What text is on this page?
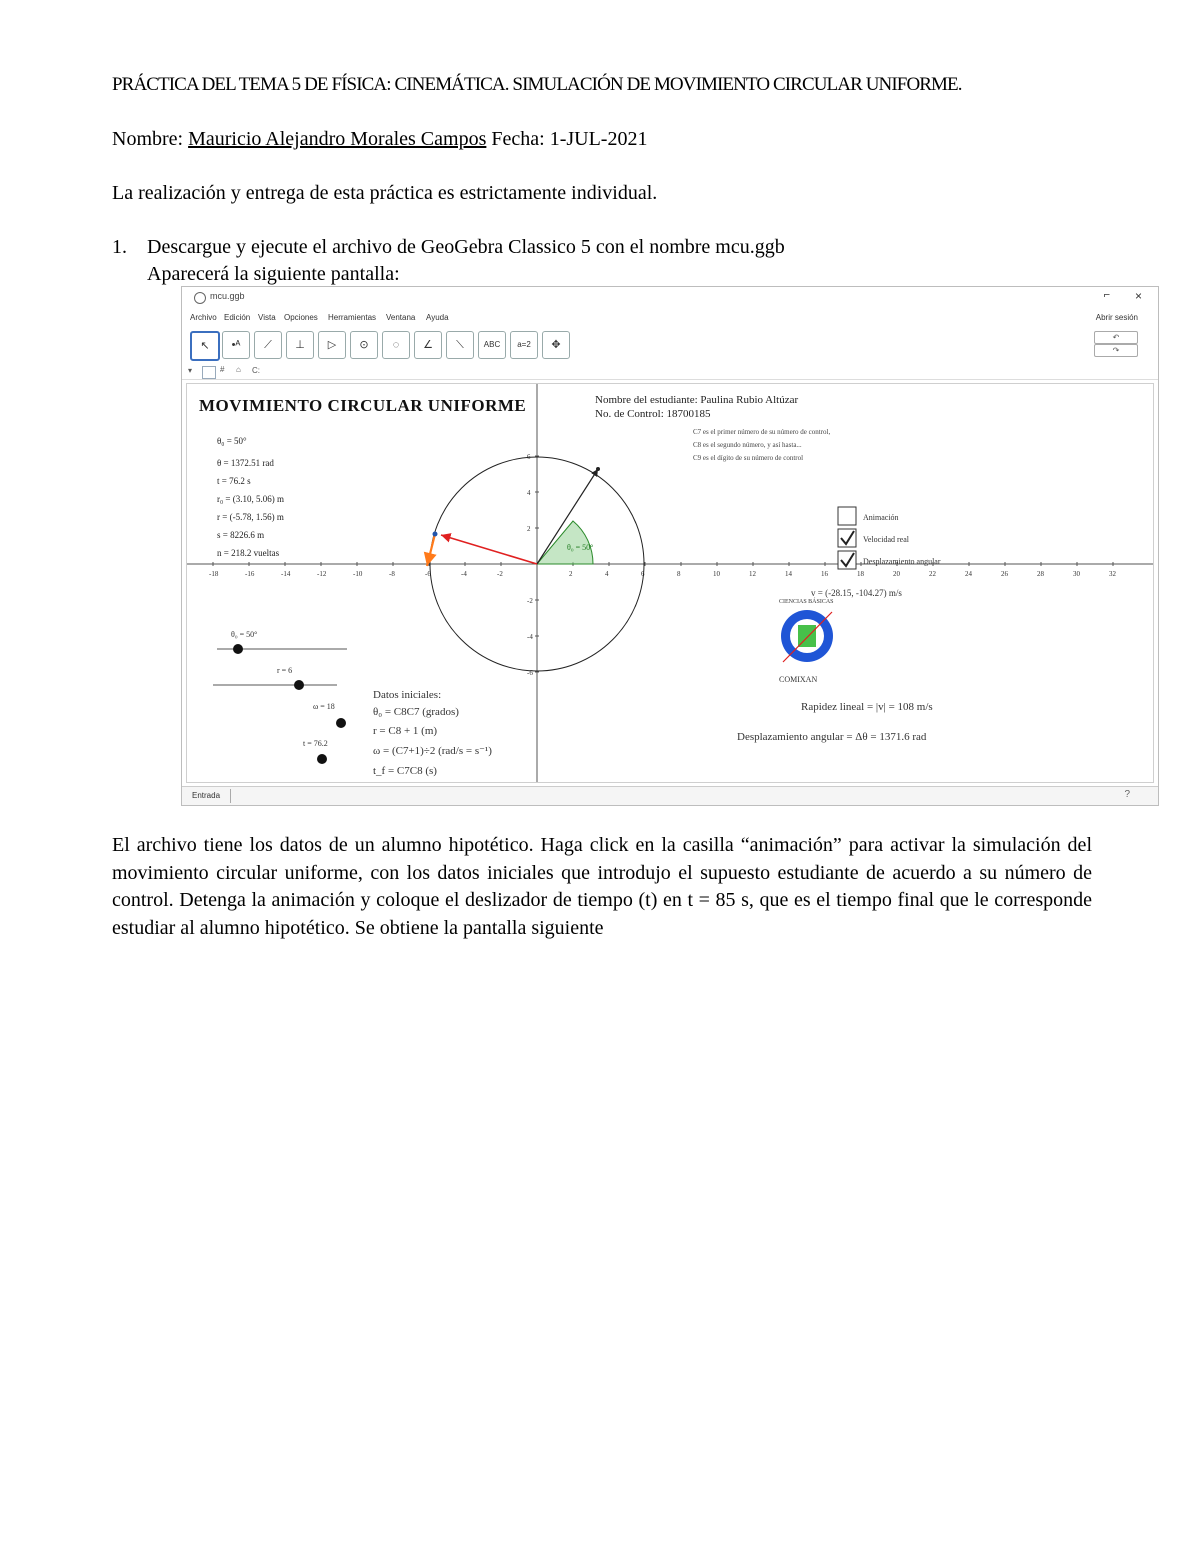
PRÁCTICA DEL TEMA 5 DE FÍSICA: CINEMÁTICA. SIMULACIÓN DE MOVIMIENTO CIRCULAR UNIFORME.
Nombre: Mauricio Alejandro Morales Campos Fecha: 1-JUL-2021
La realización y entrega de esta práctica es estrictamente individual.
1. Descargue y ejecute el archivo de GeoGebra Classico 5 con el nombre mcu.ggb
Aparecerá la siguiente pantalla:
mcu.ggb	⌐ ×
Archivo Edición Vista Opciones Herramientas Ventana Ayuda	Abrir sesión
↖	•ᴬ	⟋	⊥	▷	⊙	◌	∠	⟍	ABC	a=2	✥
↶
↷
▾	# ⌂ C:
-18	-16	-14	-12	-10	-8	-6	-4	-2	2	4	6	8	10	12	14	16	18	20	22	24	26	28	30	32
6
4
2
-2
-4
-6
θ₀ = 50°
MOVIMIENTO CIRCULAR UNIFORME	Nombre del estudiante: Paulina Rubio Altúzar
No. de Control: 18700185
C7 es el primer número de su número de control,
C8 es el segundo número, y así hasta...
C9 es el dígito de su número de control
θ₀ = 50°
θ = 1372.51 rad
t = 76.2 s
r₀ = (3.10, 5.06) m
r = (-5.78, 1.56) m
s = 8226.6 m
n = 218.2 vueltas
Animación
Velocidad real
Desplazamiento angular
v = (-28.15, -104.27) m/s
CIENCIAS BÁSICAS
COMIXAN
Datos iniciales:
θ₀ = C8C7 (grados)
r = C8 + 1 (m)
ω = (C7+1)÷2 (rad/s = s⁻¹)
t_f = C7C8 (s)
Rapidez lineal = |v| = 108 m/s
Desplazamiento angular = Δθ = 1371.6 rad
θ₀ = 50°
r = 6
ω = 18
t = 76.2
Entrada	?
El archivo tiene los datos de un alumno hipotético. Haga click en la casilla “animación” para activar la simulación del movimiento circular uniforme, con los datos iniciales que introdujo el supuesto estudiante de acuerdo a su número de control. Detenga la animación y coloque el deslizador de tiempo (t) en t = 85 s, que es el tiempo final que le corresponde estudiar al alumno hipotético. Se obtiene la pantalla siguiente
